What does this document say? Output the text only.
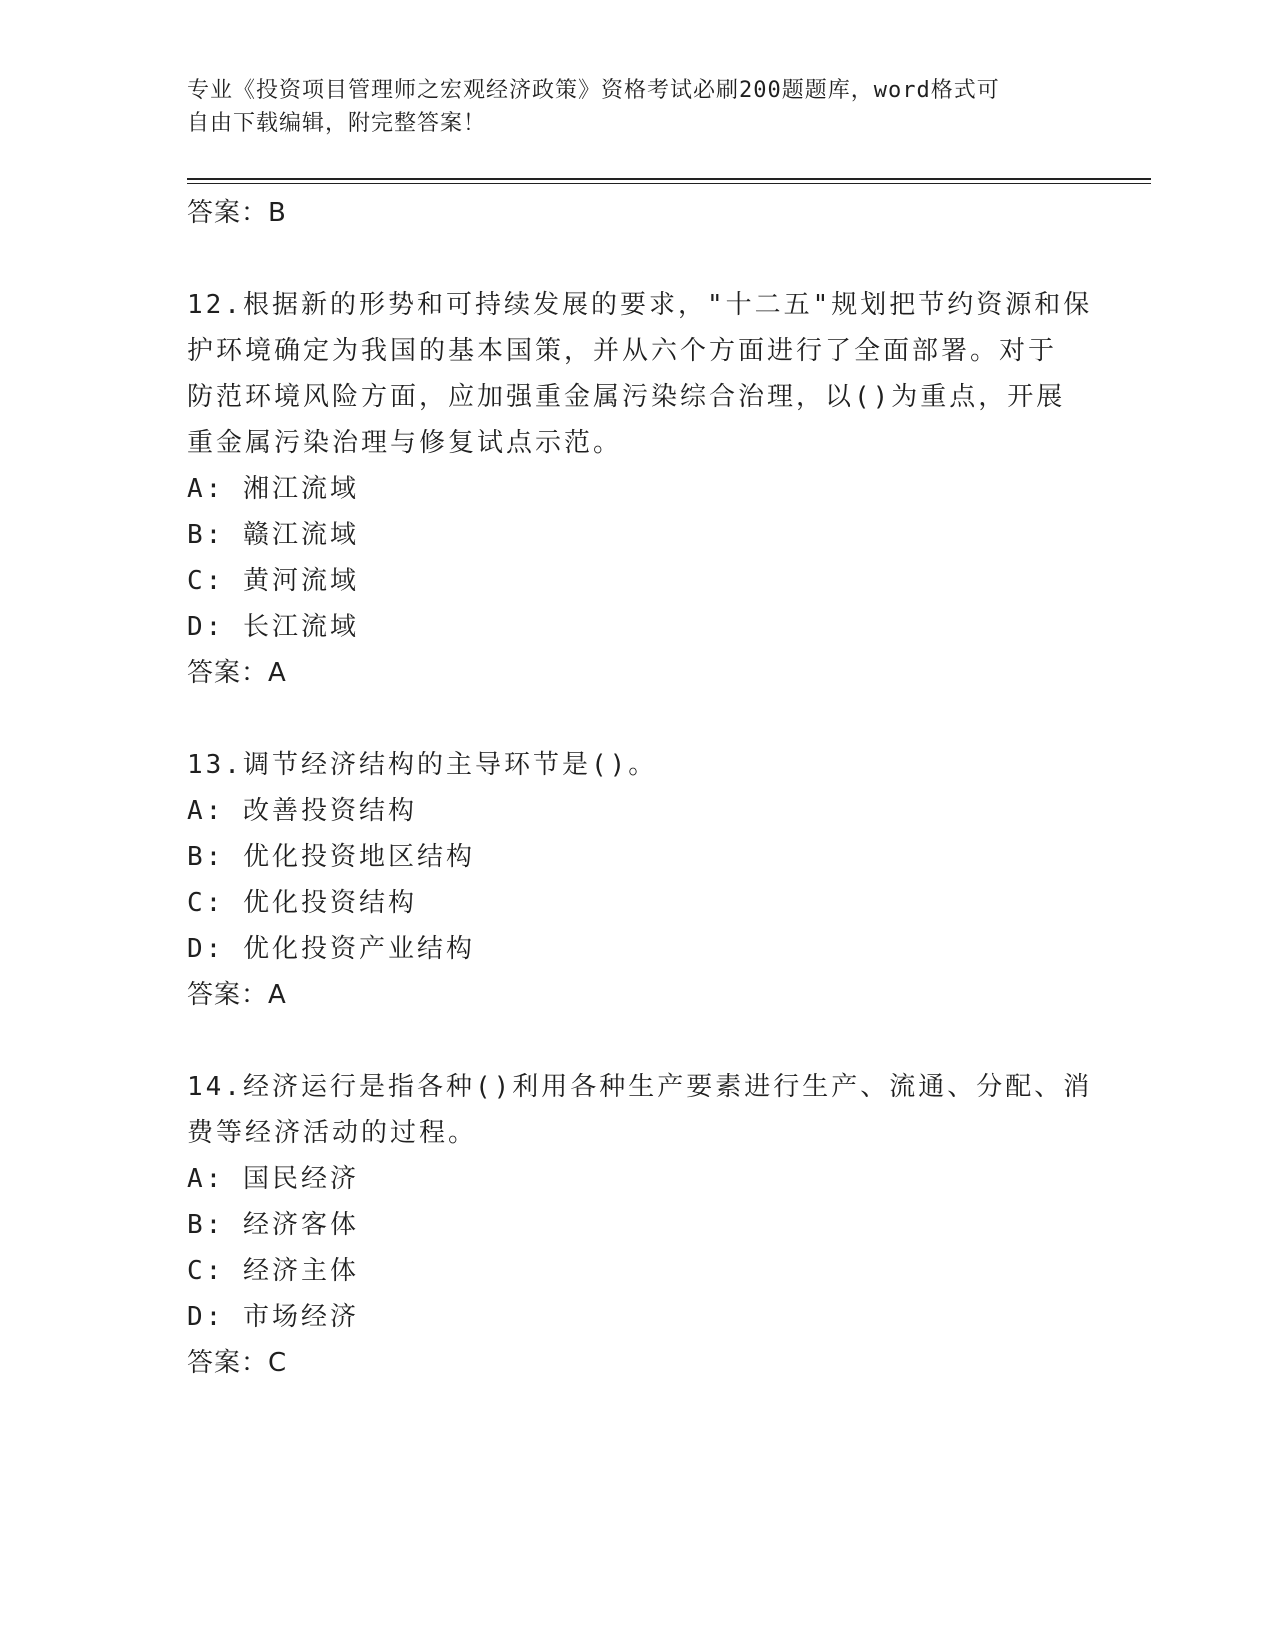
专业《投资项目管理师之宏观经济政策》资格考试必刷200题题库，word格式可
自由下载编辑，附完整答案！
答案：B
12.根据新的形势和可持续发展的要求，"十二五"规划把节约资源和保
护环境确定为我国的基本国策，并从六个方面进行了全面部署。对于
防范环境风险方面，应加强重金属污染综合治理，以()为重点，开展
重金属污染治理与修复试点示范。
A: 湘江流域
B: 赣江流域
C: 黄河流域
D: 长江流域
答案：A
13.调节经济结构的主导环节是()。
A: 改善投资结构
B: 优化投资地区结构
C: 优化投资结构
D: 优化投资产业结构
答案：A
14.经济运行是指各种()利用各种生产要素进行生产、流通、分配、消
费等经济活动的过程。
A: 国民经济
B: 经济客体
C: 经济主体
D: 市场经济
答案：C
